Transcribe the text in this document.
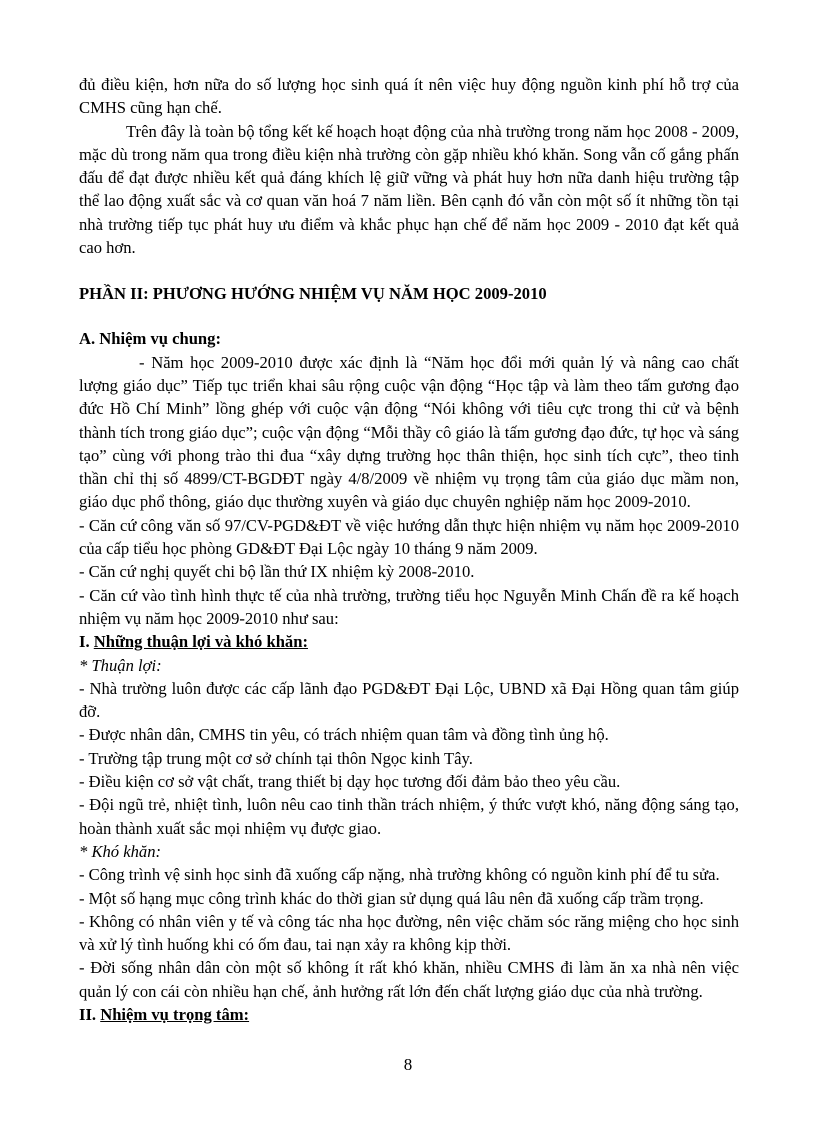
đủ điều kiện, hơn nữa do số lượng học sinh quá ít nên việc huy động nguồn kinh phí hỗ trợ của CMHS cũng hạn chế.

Trên đây là toàn bộ tổng kết kế hoạch hoạt động của nhà trường trong năm học 2008 - 2009, mặc dù trong năm qua trong điều kiện nhà trường còn gặp nhiều khó khăn. Song vẫn cố gắng phấn đấu để đạt được nhiều kết quả đáng khích lệ giữ vững và phát huy hơn nữa danh hiệu trường tập thể lao động xuất sắc và cơ quan văn hoá 7 năm liền. Bên cạnh đó vẫn còn một số ít những tồn tại nhà trường tiếp tục phát huy ưu điểm và khắc phục hạn chế để năm học 2009 - 2010 đạt kết quả cao hơn.

PHẦN II: PHƯƠNG HƯỚNG NHIỆM VỤ NĂM HỌC 2009-2010

A. Nhiệm vụ chung:

- Năm học 2009-2010 được xác định là “Năm học đổi mới quản lý và nâng cao chất lượng giáo dục” Tiếp tục triển khai sâu rộng cuộc vận động “Học tập và làm theo tấm gương đạo đức Hồ Chí Minh” lồng ghép với cuộc vận động “Nói không với tiêu cực trong thi cử và bệnh thành tích trong giáo dục”; cuộc vận động “Mỗi thầy cô giáo là tấm gương đạo đức, tự học và sáng tạo” cùng với phong trào thi đua “xây dựng trường học thân thiện, học sinh tích cực”, theo tinh thần chỉ thị số 4899/CT-BGDĐT ngày 4/8/2009 về nhiệm vụ trọng tâm của giáo dục mầm non, giáo dục phổ thông, giáo dục thường xuyên và giáo dục chuyên nghiệp năm học 2009-2010.

- Căn cứ công văn số 97/CV-PGD&ĐT về việc hướng dẫn thực hiện nhiệm vụ năm học 2009-2010 của cấp tiểu học phòng GD&ĐT Đại Lộc ngày 10 tháng 9 năm 2009.

- Căn cứ nghị quyết chi bộ lần thứ IX nhiệm kỳ 2008-2010.

- Căn cứ vào tình hình thực tế của nhà trường, trường tiểu học Nguyễn Minh Chấn đề ra kế hoạch nhiệm vụ năm học 2009-2010 như sau:

I. Những thuận lợi và khó khăn:

* Thuận lợi:

- Nhà trường luôn được các cấp lãnh đạo PGD&ĐT Đại Lộc, UBND xã Đại Hồng quan tâm giúp đỡ.

- Được nhân dân, CMHS tin yêu, có trách nhiệm quan tâm và đồng tình ủng hộ.

- Trường tập trung một cơ sở chính tại thôn Ngọc kinh Tây.

- Điều kiện cơ sở vật chất, trang thiết bị dạy học tương đối đảm bảo theo yêu cầu.

- Đội ngũ trẻ, nhiệt tình, luôn nêu cao tinh thần trách nhiệm, ý thức vượt khó, năng động sáng tạo, hoàn thành xuất sắc mọi nhiệm vụ được giao.

* Khó khăn:

- Công trình vệ sinh học sinh đã xuống cấp nặng, nhà trường không có nguồn kinh phí để tu sửa.

- Một số hạng mục công trình khác do thời gian sử dụng quá lâu nên đã xuống cấp trầm trọng.

- Không có nhân viên y tế và công tác nha học đường, nên việc chăm sóc răng miệng cho học sinh và xử lý tình huống khi có ốm đau, tai nạn xảy ra không kịp thời.

- Đời sống nhân dân còn một số không ít rất khó khăn, nhiều CMHS đi làm ăn xa nhà nên việc quản lý con cái còn nhiều hạn chế, ảnh hưởng rất lớn đến chất lượng giáo dục của nhà trường.

II. Nhiệm vụ trọng tâm:

8
